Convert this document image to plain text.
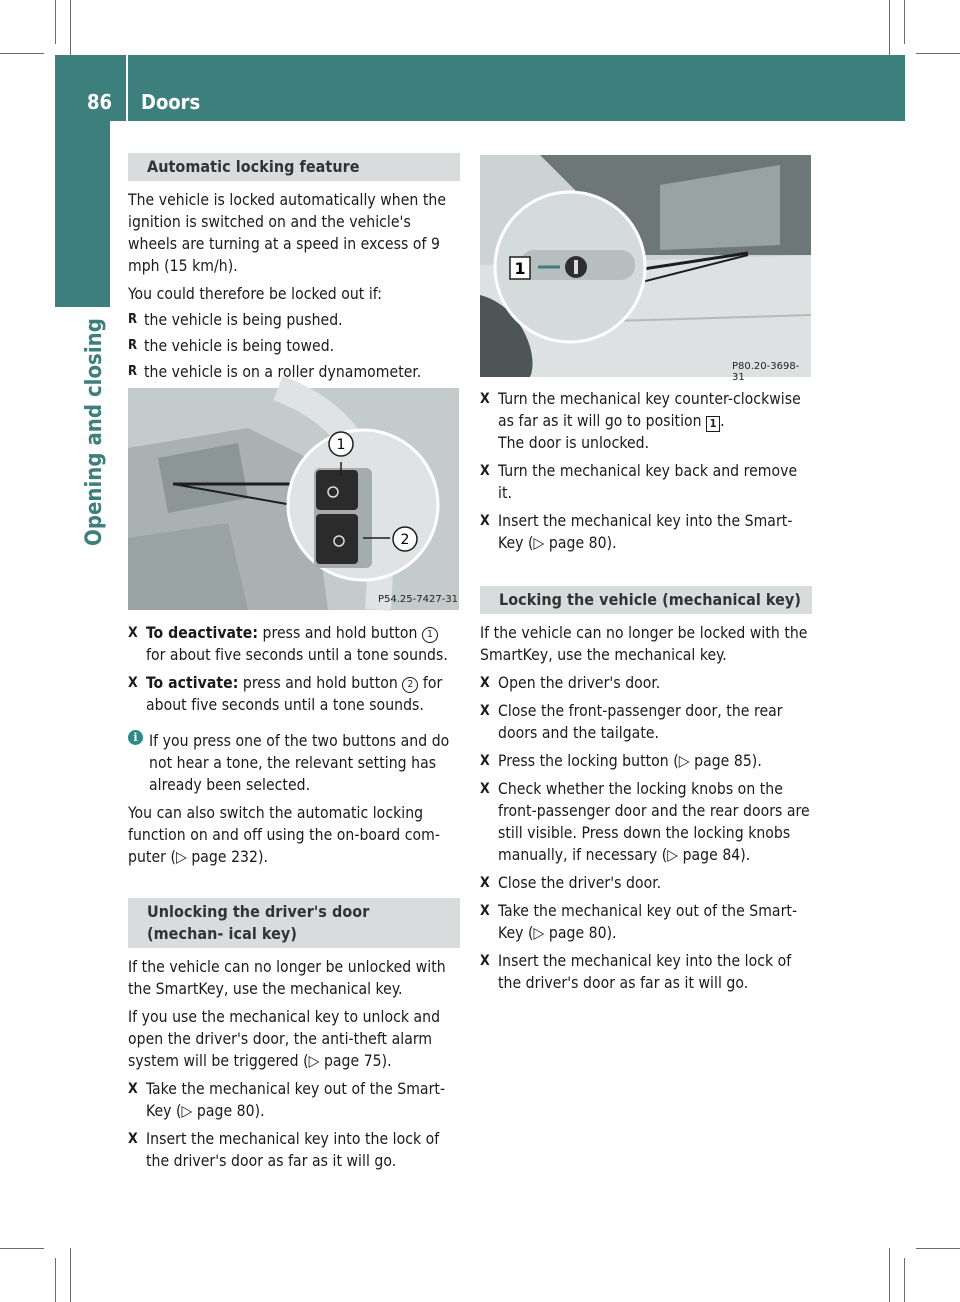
86 Doors
Opening and closing
Automatic locking feature

The vehicle is locked automatically when the ignition is switched on and the vehicle's wheels are turning at a speed in excess of 9 mph (15 km/h).

You could therefore be locked out if:

R the vehicle is being pushed.
R the vehicle is being towed.
R the vehicle is on a roller dynamometer.
1
2
P54.25-7427-31
X To deactivate: press and hold button 1 for about five seconds until a tone sounds.
X To activate: press and hold button 2 for about five seconds until a tone sounds.
i If you press one of the two buttons and do not hear a tone, the relevant setting has already been selected.

You can also switch the automatic locking function on and off using the on-board com- puter (▷ page 232).

Unlocking the driver's door (mechan- ical key)

If the vehicle can no longer be unlocked with the SmartKey, use the mechanical key.

If you use the mechanical key to unlock and open the driver's door, the anti-theft alarm system will be triggered (▷ page 75).

X Take the mechanical key out of the Smart- Key (▷ page 80).
X Insert the mechanical key into the lock of the driver's door as far as it will go.
1
P80.20-3698-31
X Turn the mechanical key counter-clockwise as far as it will go to position 1 .
The door is unlocked.
X Turn the mechanical key back and remove it.
X Insert the mechanical key into the Smart- Key (▷ page 80).
Locking the vehicle (mechanical key)

If the vehicle can no longer be locked with the SmartKey, use the mechanical key.

X Open the driver's door.
X Close the front-passenger door, the rear doors and the tailgate.
X Press the locking button (▷ page 85).
X Check whether the locking knobs on the front-passenger door and the rear doors are still visible. Press down the locking knobs manually, if necessary (▷ page 84).
X Close the driver's door.
X Take the mechanical key out of the Smart- Key (▷ page 80).
X Insert the mechanical key into the lock of the driver's door as far as it will go.
